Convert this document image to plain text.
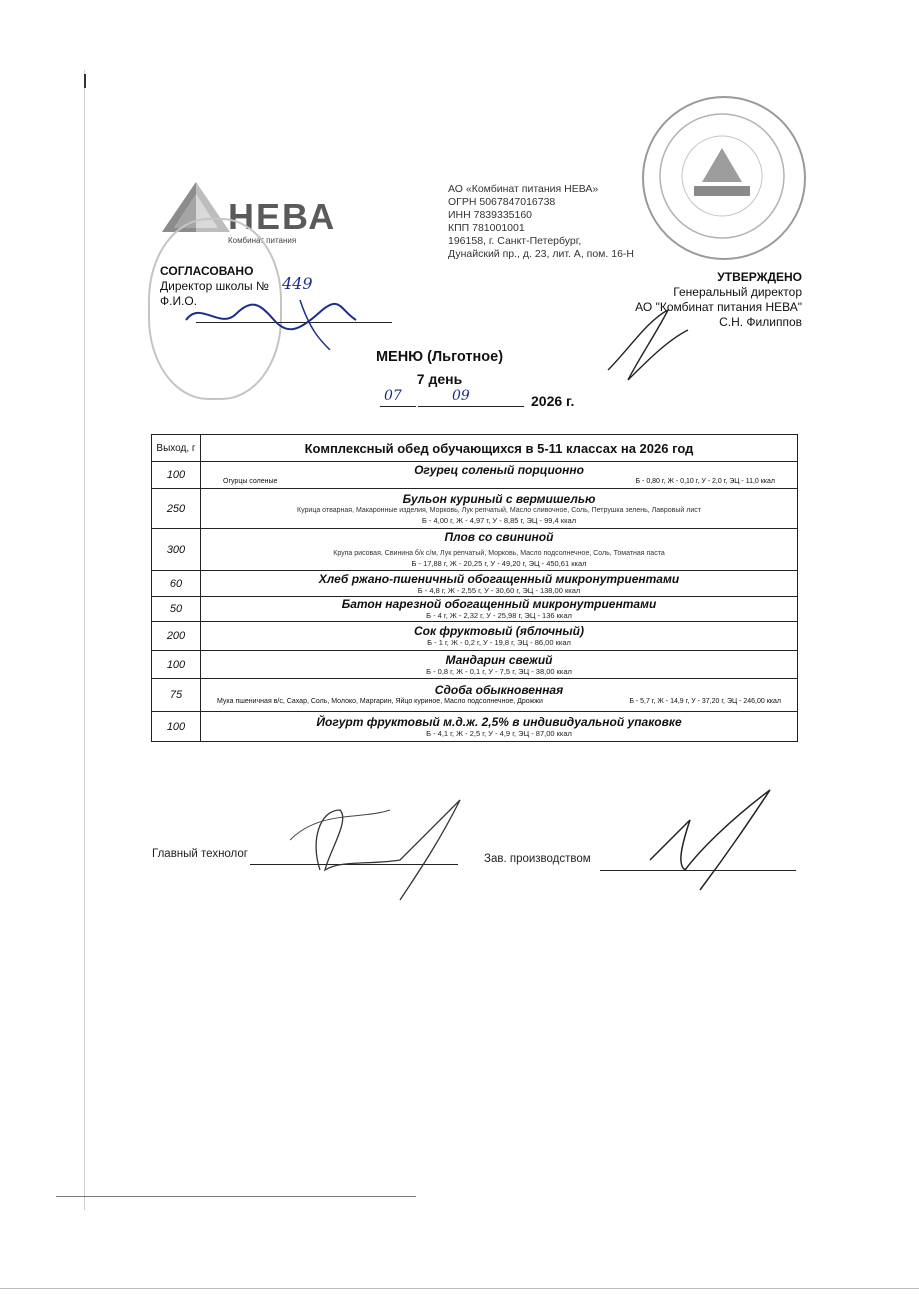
НЕВА
Комбинат питания
АО «Комбинат питания НЕВА»
ОГРН 5067847016738
ИНН 7839335160
КПП 781001001
196158, г. Санкт-Петербург,
Дунайский пр., д. 23, лит. А, пом. 16-Н
СОГЛАСОВАНО
Директор школы №
Ф.И.О.
449	УТВЕРЖДЕНО
Генеральный директор
АО "Комбинат питания НЕВА"
С.Н. Филиппов
МЕНЮ (Льготное)
7 день
07	09	2026 г.
Выход, г	Комплексный обед обучающихся в 5-11 классах на 2026 год
100	Огурец соленый порционно
Огурцы соленые Б - 0,80 г, Ж - 0,10 г, У - 2,0 г, ЭЦ - 11,0 ккал

250	Бульон куриный с вермишелью
Курица отварная, Макаронные изделия, Морковь, Лук репчатый, Масло сливочное, Соль, Петрушка зелень, Лавровый лист
Б - 4,00 г, Ж - 4,97 г, У - 8,85 г, ЭЦ - 99,4 ккал

300	Плов со свининой
Крупа рисовая, Свинина б/к с/м, Лук репчатый, Морковь, Масло подсолнечное, Соль, Томатная паста
Б - 17,88 г, Ж - 20,25 г, У - 49,20 г, ЭЦ - 450,61 ккал

60	Хлеб ржано-пшеничный обогащенный микронутриентами
Б - 4,8 г, Ж - 2,55 г, У - 30,60 г, ЭЦ - 138,00 ккал

50	Батон нарезной обогащенный микронутриентами
Б - 4 г, Ж - 2,32 г, У - 25,98 г, ЭЦ - 136 ккал

200	Сок фруктовый (яблочный)
Б - 1 г, Ж - 0,2 г, У - 19,8 г, ЭЦ - 86,00 ккал

100	Мандарин свежий
Б - 0,8 г, Ж - 0,1 г, У - 7,5 г, ЭЦ - 38,00 ккал

75	Сдоба обыкновенная
Мука пшеничная в/с, Сахар, Соль, Молоко, Маргарин, Яйцо куриное, Масло подсолнечное, Дрожжи Б - 5,7 г, Ж - 14,9 г, У - 37,20 г, ЭЦ - 246,00 ккал

100	Йогурт фруктовый м.д.ж. 2,5% в индивидуальной упаковке
Б - 4,1 г, Ж - 2,5 г, У - 4,9 г, ЭЦ - 87,00 ккал
Главный технолог	Зав. производством
